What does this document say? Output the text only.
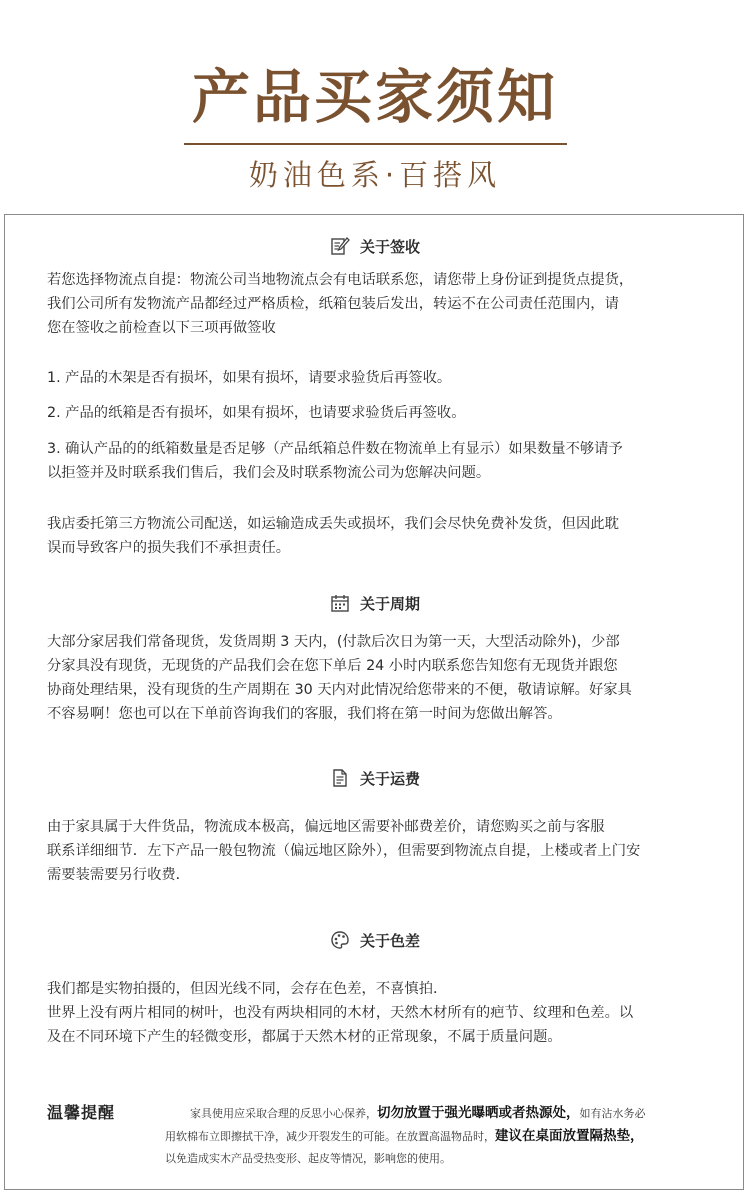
产品买家须知
奶油色系·百搭风
关于签收
若您选择物流点自提：物流公司当地物流点会有电话联系您，请您带上身份证到提货点提货，
我们公司所有发物流产品都经过严格质检，纸箱包装后发出，转运不在公司责任范围内，请
您在签收之前检查以下三项再做签收
1. 产品的木架是否有损坏，如果有损坏，请要求验货后再签收。
2. 产品的纸箱是否有损坏，如果有损坏，也请要求验货后再签收。
3. 确认产品的的纸箱数量是否足够（产品纸箱总件数在物流单上有显示）如果数量不够请予
以拒签并及时联系我们售后，我们会及时联系物流公司为您解决问题。
我店委托第三方物流公司配送，如运输造成丢失或损坏，我们会尽快免费补发货，但因此耽
误而导致客户的损失我们不承担责任。
关于周期
大部分家居我们常备现货，发货周期 3 天内，(付款后次日为第一天，大型活动除外)，少部
分家具没有现货，无现货的产品我们会在您下单后 24 小时内联系您告知您有无现货并跟您
协商处理结果，没有现货的生产周期在 30 天内对此情况给您带来的不便，敬请谅解。好家具
不容易啊！您也可以在下单前咨询我们的客服，我们将在第一时间为您做出解答。
关于运费
由于家具属于大件货品，物流成本极高，偏远地区需要补邮费差价，请您购买之前与客服
联系详细细节．左下产品一般包物流（偏远地区除外），但需要到物流点自提，上楼或者上门安
需要装需要另行收费．
关于色差
我们都是实物拍摄的，但因光线不同，会存在色差，不喜慎拍．
世界上没有两片相同的树叶，也没有两块相同的木材，天然木材所有的疤节、纹理和色差。以
及在不同环境下产生的轻微变形，都属于天然木材的正常现象，不属于质量问题。
温馨提醒	家具使用应采取合理的反思小心保养，切勿放置于强光曝晒或者热源处，如有沾水务必
用软棉布立即擦拭干净，减少开裂发生的可能。在放置高温物品时，建议在桌面放置隔热垫，
以免造成实木产品受热变形、起皮等情况，影响您的使用。
